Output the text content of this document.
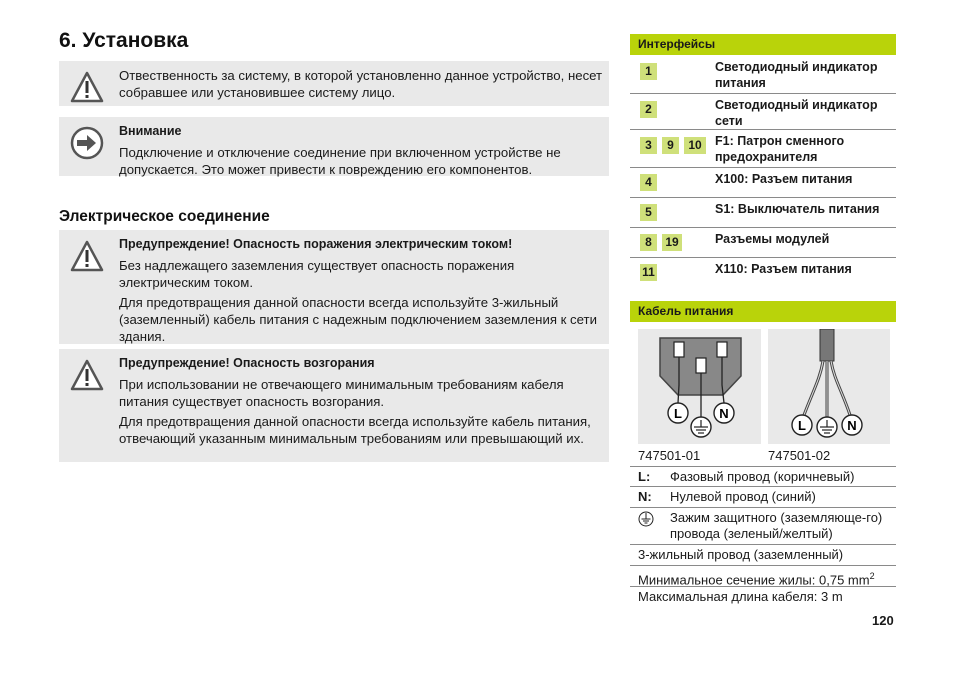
6. Установка

Отвественность за систему, в которой установленно данное устройство, несет собравшее или установившее систему лицо.

Внимание

Подключение и отключение соединение при включенном устройстве не допускается. Это может привести к повреждению его компонентов.

Электрическое соединение

Предупреждение! Опасность поражения электрическим током!

Без надлежащего заземления существует опасность поражения электрическим током.

Для предотвращения данной опасности всегда используйте 3-жильный (заземленный) кабель питания с надежным подключением заземления к сети здания.

Предупреждение! Опасность возгорания

При использовании не отвечающего минимальным требованиям кабеля питания существует опасность возгорания.

Для предотвращения данной опасности всегда используйте кабель питания, отвечающий указанным минимальным требованиям или превышающий их.

Интерфейсы
1	Светодиодный индикатор питания
2	Светодиодный индикатор сети
3	9	10	F1: Патрон сменного предохранителя
4	X100: Разъем питания
5	S1: Выключатель питания
8	19	Разъемы модулей
11	X110: Разъем питания
Кабель питания
L	N
L	N
747501-01	747501-02
L: Фазовый провод (коричневый)
N: Нулевой провод (синий)
Зажим защитного (заземляюще-го) провода (зеленый/желтый)
3-жильный провод (заземленный)
Минимальное сечение жилы: 0,75 $mm^2$
Максимальная длина кабеля: 3 m
120
